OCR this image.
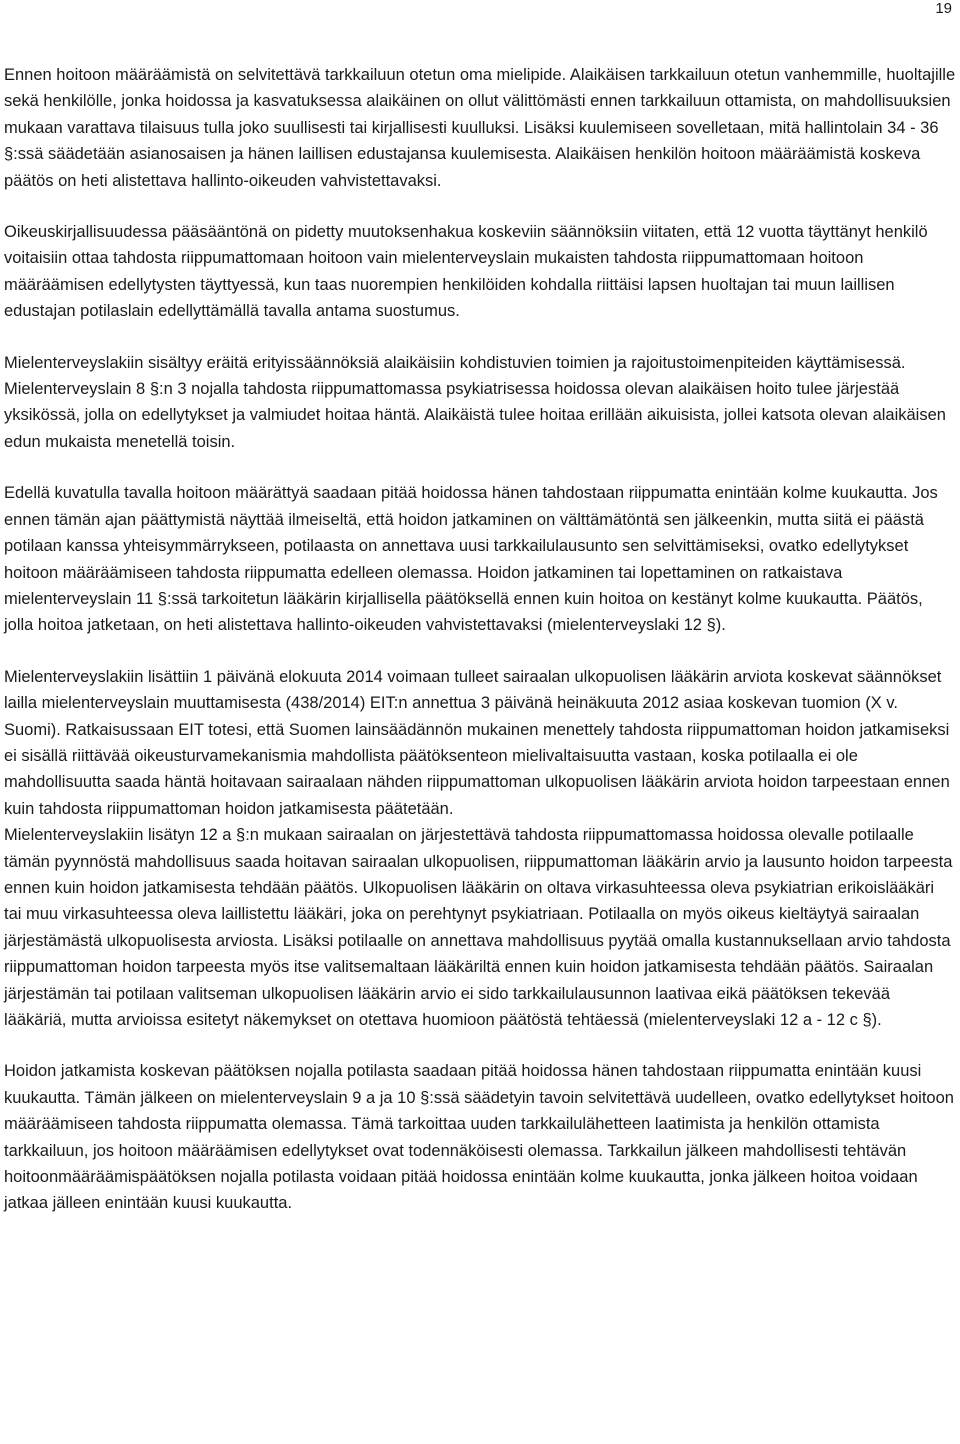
19

Ennen hoitoon määräämistä on selvitettävä tarkkailuun otetun oma mielipide. Alaikäisen tarkkailuun otetun vanhemmille, huoltajille sekä henkilölle, jonka hoidossa ja kasvatuksessa alaikäinen on ollut välittömästi ennen tarkkailuun ottamista, on mahdollisuuksien mukaan varattava tilaisuus tulla joko suullisesti tai kirjallisesti kuulluksi. Lisäksi kuulemiseen sovelletaan, mitä hallintolain 34 - 36 §:ssä säädetään asianosaisen ja hänen laillisen edustajansa kuulemisesta. Alaikäisen henkilön hoitoon määräämistä koskeva päätös on heti alistettava hallinto-oikeuden vahvistettavaksi.

Oikeuskirjallisuudessa pääsääntönä on pidetty muutoksenhakua koskeviin säännöksiin viitaten, että 12 vuotta täyttänyt henkilö voitaisiin ottaa tahdosta riippumattomaan hoitoon vain mielenterveyslain mukaisten tahdosta riippumattomaan hoitoon määräämisen edellytysten täyttyessä, kun taas nuorempien henkilöiden kohdalla riittäisi lapsen huoltajan tai muun laillisen edustajan potilaslain edellyttämällä tavalla antama suostumus.

Mielenterveyslakiin sisältyy eräitä erityissäännöksiä alaikäisiin kohdistuvien toimien ja rajoitustoimenpiteiden käyttämisessä. Mielenterveyslain 8 §:n 3 nojalla tahdosta riippumattomassa psykiatrisessa hoidossa olevan alaikäisen hoito tulee järjestää yksikössä, jolla on edellytykset ja valmiudet hoitaa häntä. Alaikäistä tulee hoitaa erillään aikuisista, jollei katsota olevan alaikäisen edun mukaista menetellä toisin.

Edellä kuvatulla tavalla hoitoon määrättyä saadaan pitää hoidossa hänen tahdostaan riippumatta enintään kolme kuukautta. Jos ennen tämän ajan päättymistä näyttää ilmeiseltä, että hoidon jatkaminen on välttämätöntä sen jälkeenkin, mutta siitä ei päästä potilaan kanssa yhteisymmärrykseen, potilaasta on annettava uusi tarkkailulausunto sen selvittämiseksi, ovatko edellytykset hoitoon määräämiseen tahdosta riippumatta edelleen olemassa. Hoidon jatkaminen tai lopettaminen on ratkaistava mielenterveyslain 11 §:ssä tarkoitetun lääkärin kirjallisella päätöksellä ennen kuin hoitoa on kestänyt kolme kuukautta. Päätös, jolla hoitoa jatketaan, on heti alistettava hallinto-oikeuden vahvistettavaksi (mielenterveyslaki 12 §).

Mielenterveyslakiin lisättiin 1 päivänä elokuuta 2014 voimaan tulleet sairaalan ulkopuolisen lääkärin arviota koskevat säännökset lailla mielenterveyslain muuttamisesta (438/2014) EIT:n annettua 3 päivänä heinäkuuta 2012 asiaa koskevan tuomion (X v. Suomi). Ratkaisussaan EIT totesi, että Suomen lainsäädännön mukainen menettely tahdosta riippumattoman hoidon jatkamiseksi ei sisällä riittävää oikeusturvamekanismia mahdollista päätöksenteon mielivaltaisuutta vastaan, koska potilaalla ei ole mahdollisuutta saada häntä hoitavaan sairaalaan nähden riippumattoman ulkopuolisen lääkärin arviota hoidon tarpeestaan ennen kuin tahdosta riippumattoman hoidon jatkamisesta päätetään.

Mielenterveyslakiin lisätyn 12 a §:n mukaan sairaalan on järjestettävä tahdosta riippumattomassa hoidossa olevalle potilaalle tämän pyynnöstä mahdollisuus saada hoitavan sairaalan ulkopuolisen, riippumattoman lääkärin arvio ja lausunto hoidon tarpeesta ennen kuin hoidon jatkamisesta tehdään päätös. Ulkopuolisen lääkärin on oltava virkasuhteessa oleva psykiatrian erikoislääkäri tai muu virkasuhteessa oleva laillistettu lääkäri, joka on perehtynyt psykiatriaan. Potilaalla on myös oikeus kieltäytyä sairaalan järjestämästä ulkopuolisesta arviosta. Lisäksi potilaalle on annettava mahdollisuus pyytää omalla kustannuksellaan arvio tahdosta riippumattoman hoidon tarpeesta myös itse valitsemaltaan lääkäriltä ennen kuin hoidon jatkamisesta tehdään päätös. Sairaalan järjestämän tai potilaan valitseman ulkopuolisen lääkärin arvio ei sido tarkkailulausunnon laativaa eikä päätöksen tekevää lääkäriä, mutta arvioissa esitetyt näkemykset on otettava huomioon päätöstä tehtäessä (mielenterveyslaki 12 a - 12 c §).

Hoidon jatkamista koskevan päätöksen nojalla potilasta saadaan pitää hoidossa hänen tahdostaan riippumatta enintään kuusi kuukautta. Tämän jälkeen on mielenterveyslain 9 a ja 10 §:ssä säädetyin tavoin selvitettävä uudelleen, ovatko edellytykset hoitoon määräämiseen tahdosta riippumatta olemassa. Tämä tarkoittaa uuden tarkkailulähetteen laatimista ja henkilön ottamista tarkkailuun, jos hoitoon määräämisen edellytykset ovat todennäköisesti olemassa. Tarkkailun jälkeen mahdollisesti tehtävän hoitoonmääräämispäätöksen nojalla potilasta voidaan pitää hoidossa enintään kolme kuukautta, jonka jälkeen hoitoa voidaan jatkaa jälleen enintään kuusi kuukautta.
